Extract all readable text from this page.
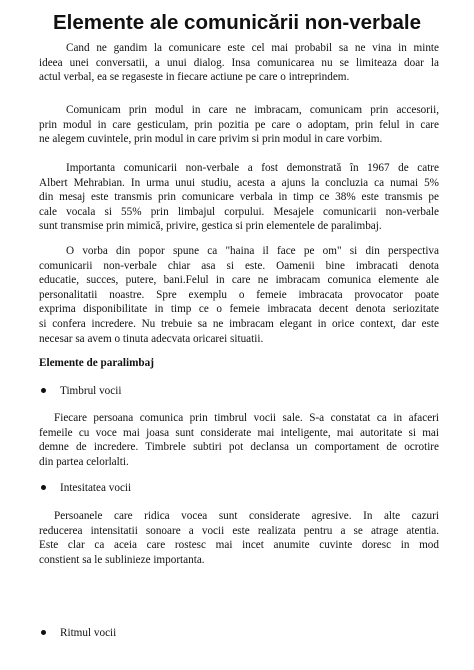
Elemente ale comunicării non-verbale
Cand ne gandim la comunicare este cel mai probabil sa ne vina in minte
ideea unei conversatii, a unui dialog. Insa comunicarea nu se limiteaza doar la
actul verbal, ea se regaseste in fiecare actiune pe care o intreprindem.
Comunicam prin modul in care ne imbracam, comunicam prin accesorii,
prin modul in care gesticulam, prin pozitia pe care o adoptam, prin felul in care
ne alegem cuvintele, prin modul in care privim si prin modul in care vorbim.
Importanta comunicarii non-verbale a fost demonstrată în 1967 de catre
Albert Mehrabian. In urma unui studiu, acesta a ajuns la concluzia ca numai 5%
din mesaj este transmis prin comunicare verbala in timp ce 38% este transmis pe
cale vocala si 55% prin limbajul corpului. Mesajele comunicarii non-verbale
sunt transmise prin mimică, privire, gestica si prin elementele de paralimbaj.
O vorba din popor spune ca "haina il face pe om" si din perspectiva
comunicarii non-verbale chiar asa si este. Oamenii bine imbracati denota
educatie, succes, putere, bani.Felul in care ne imbracam comunica elemente ale
personalitatii noastre. Spre exemplu o femeie imbracata provocator poate
exprima disponibilitate in timp ce o femeie imbracata decent denota seriozitate
si confera incredere. Nu trebuie sa ne imbracam elegant in orice context, dar este
necesar sa avem o tinuta adecvata oricarei situatii.
Elemente de paralimbaj
Timbrul vocii
Fiecare persoana comunica prin timbrul vocii sale. S-a constatat ca in afaceri
femeile cu voce mai joasa sunt considerate mai inteligente, mai autoritate si mai
demne de incredere. Timbrele subtiri pot declansa un comportament de ocrotire
din partea celorlalti.
Intesitatea vocii
Persoanele care ridica vocea sunt considerate agresive. In alte cazuri
reducerea intensitatii sonoare a vocii este realizata pentru a se atrage atentia.
Este clar ca aceia care rostesc mai incet anumite cuvinte doresc in mod
constient sa le sublinieze importanta.
Ritmul vocii
